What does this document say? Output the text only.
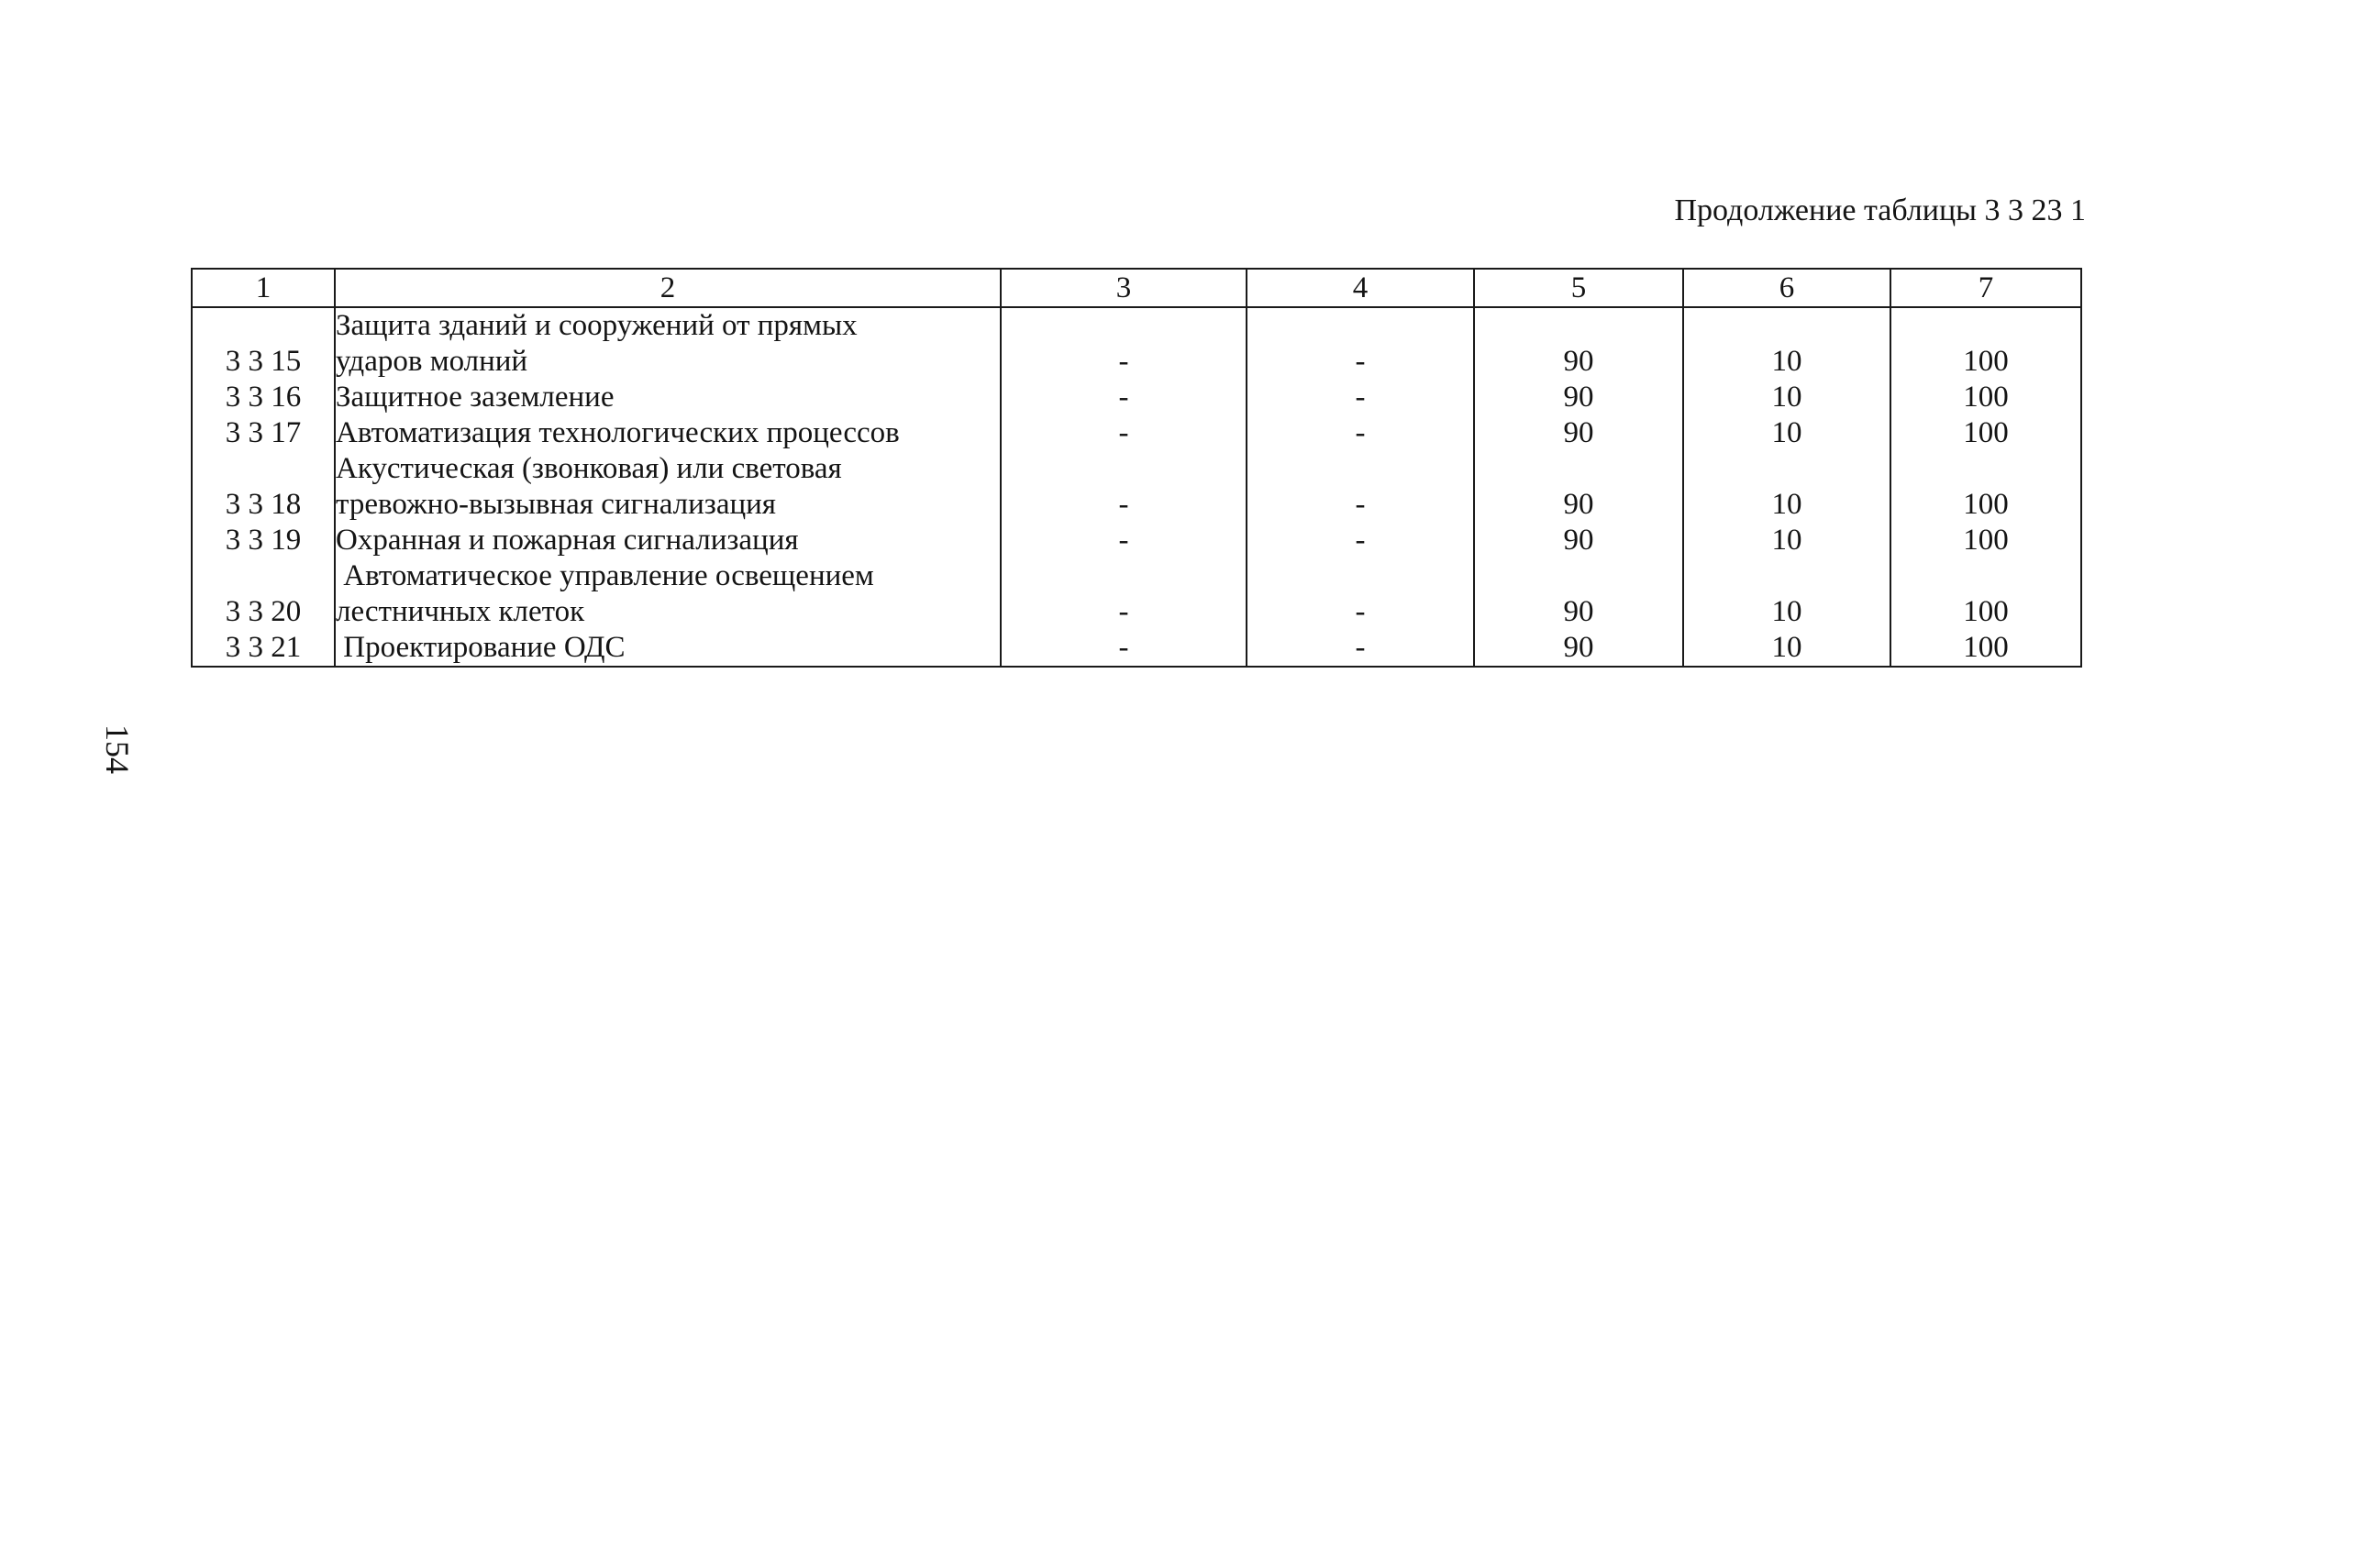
Продолжение таблицы 3 3 23 1
1	2	3	4	5	6	7
3 3 15	Защита зданий и сооружений от прямых
ударов молний	-	-	90	10	100
3 3 16	Защитное заземление	-	-	90	10	100
3 3 17	Автоматизация технологических процессов	-	-	90	10	100
3 3 18	Акустическая (звонковая) или световая
тревожно-вызывная сигнализация	-	-	90	10	100
3 3 19	Охранная и пожарная сигнализация	-	-	90	10	100
3 3 20	Автоматическое управление освещением
лестничных клеток	-	-	90	10	100
3 3 21	Проектирование ОДС	-	-	90	10	100
154
